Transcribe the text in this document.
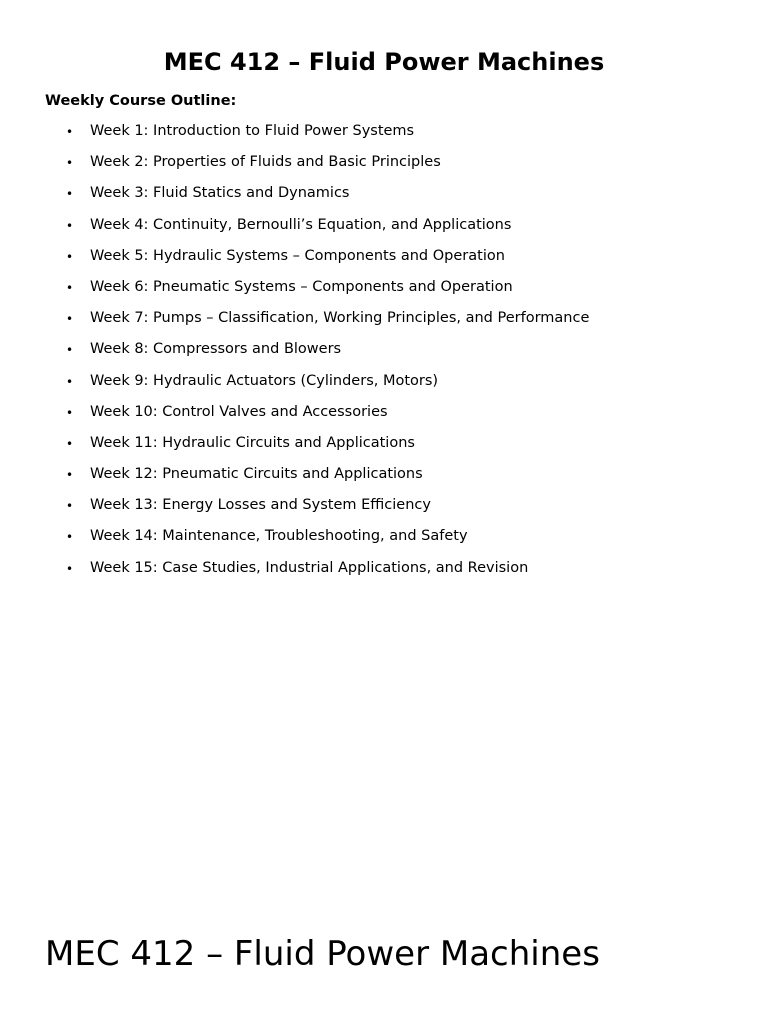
MEC 412 – Fluid Power Machines
Weekly Course Outline:
• Week 1: Introduction to Fluid Power Systems
• Week 2: Properties of Fluids and Basic Principles
• Week 3: Fluid Statics and Dynamics
• Week 4: Continuity, Bernoulli’s Equation, and Applications
• Week 5: Hydraulic Systems – Components and Operation
• Week 6: Pneumatic Systems – Components and Operation
• Week 7: Pumps – Classification, Working Principles, and Performance
• Week 8: Compressors and Blowers
• Week 9: Hydraulic Actuators (Cylinders, Motors)
• Week 10: Control Valves and Accessories
• Week 11: Hydraulic Circuits and Applications
• Week 12: Pneumatic Circuits and Applications
• Week 13: Energy Losses and System Efficiency
• Week 14: Maintenance, Troubleshooting, and Safety
• Week 15: Case Studies, Industrial Applications, and Revision
MEC 412 – Fluid Power Machines
